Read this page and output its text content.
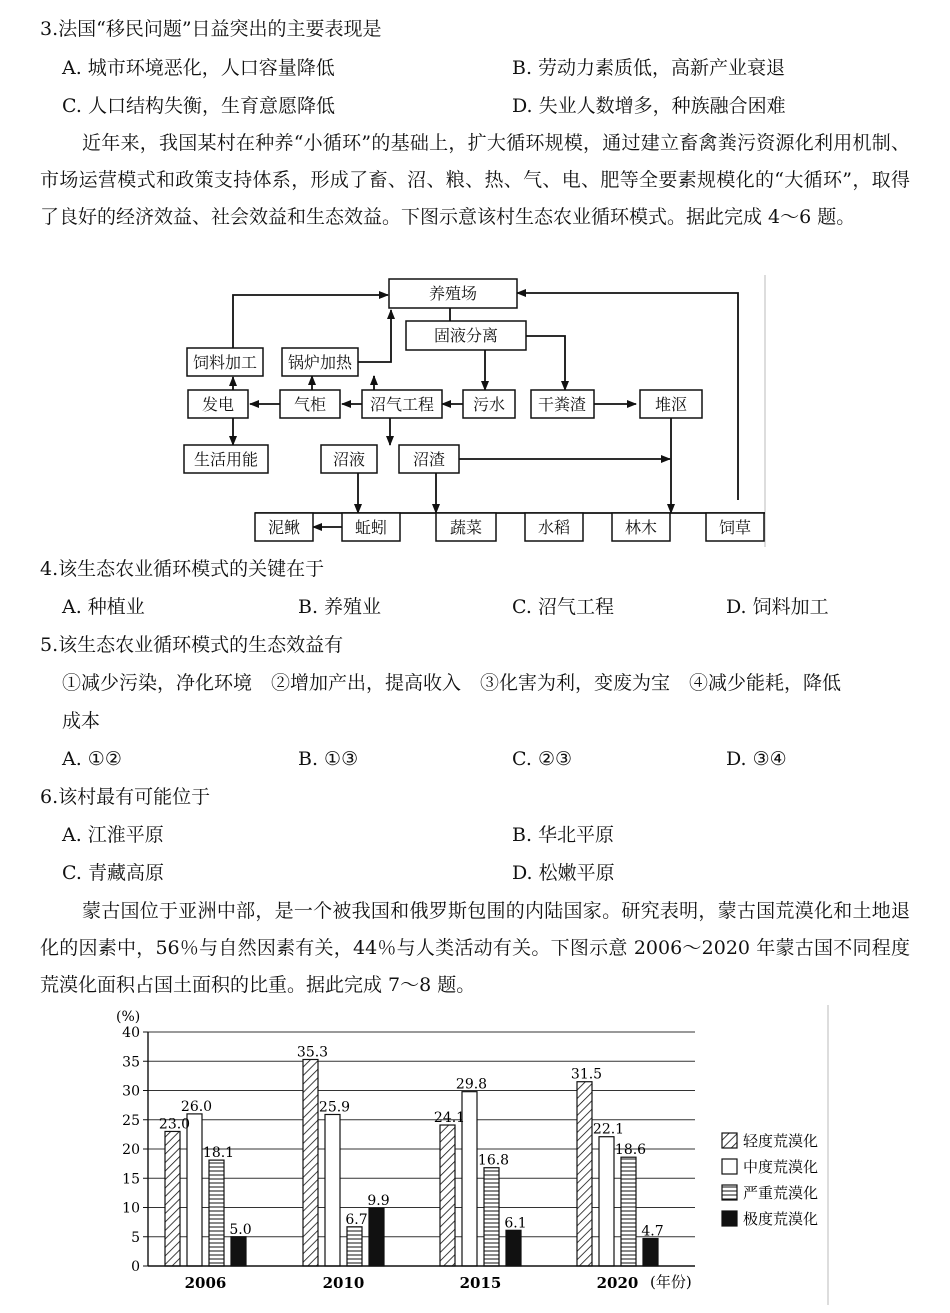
3.法国“移民问题”日益突出的主要表现是
A. 城市环境恶化，人口容量降低	B. 劳动力素质低，高新产业衰退
C. 人口结构失衡，生育意愿降低	D. 失业人数增多，种族融合困难
近年来，我国某村在种养“小循环”的基础上，扩大循环规模，通过建立畜禽粪污资源化利用机制、市场运营模式和政策支持体系，形成了畜、沼、粮、热、气、电、肥等全要素规模化的“大循环”，取得了良好的经济效益、社会效益和生态效益。下图示意该村生态农业循环模式。据此完成 4～6 题。
养殖场
固液分离
饲料加工 锅炉加热
发电	气柜	沼气工程 污水 干粪渣	堆沤
生活用能	沼液	沼渣
泥鳅	蚯蚓	蔬菜	水稻	林木	饲草
4.该生态农业循环模式的关键在于
A. 种植业	B. 养殖业	C. 沼气工程	D. 饲料加工
5.该生态农业循环模式的生态效益有
①减少污染，净化环境　②增加产出，提高收入　③化害为利，变废为宝　④减少能耗，降低
成本
A. ①②	B. ①③	C. ②③	D. ③④
6.该村最有可能位于
A. 江淮平原	B. 华北平原
C. 青藏高原	D. 松嫩平原
蒙古国位于亚洲中部，是一个被我国和俄罗斯包围的内陆国家。研究表明，蒙古国荒漠化和土地退化的因素中，56％与自然因素有关，44％与人类活动有关。下图示意 2006～2020 年蒙古国不同程度荒漠化面积占国土面积的比重。据此完成 7～8 题。
23.0
26.0
18.1
5.0
35.3
25.9
6.7
9.9
24.1
29.8
16.8
6.1
31.5
22.1
18.6
4.7
0
5
10
15
20
25
30
35
40
2006	2010	2015	2020
(%)
(年份)
轻度荒漠化
中度荒漠化
严重荒漠化
极度荒漠化
